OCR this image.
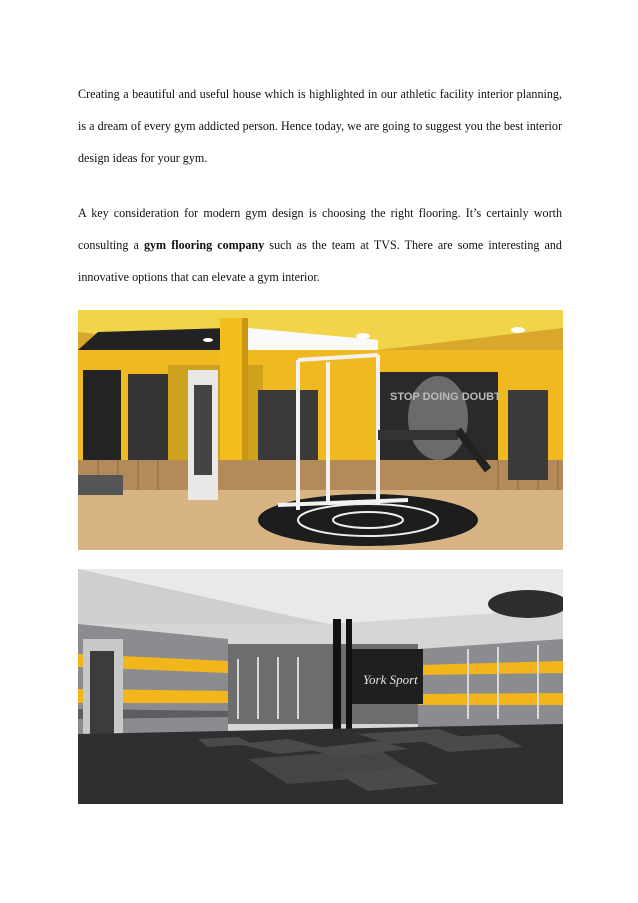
Creating a beautiful and useful house which is highlighted in our athletic facility interior planning, is a dream of every gym addicted person. Hence today, we are going to suggest you the best interior design ideas for your gym.

A key consideration for modern gym design is choosing the right flooring. It’s certainly worth consulting a gym flooring company such as the team at TVS. There are some interesting and innovative options that can elevate a gym interior.

STOP DOING DOUBT
York Sport
